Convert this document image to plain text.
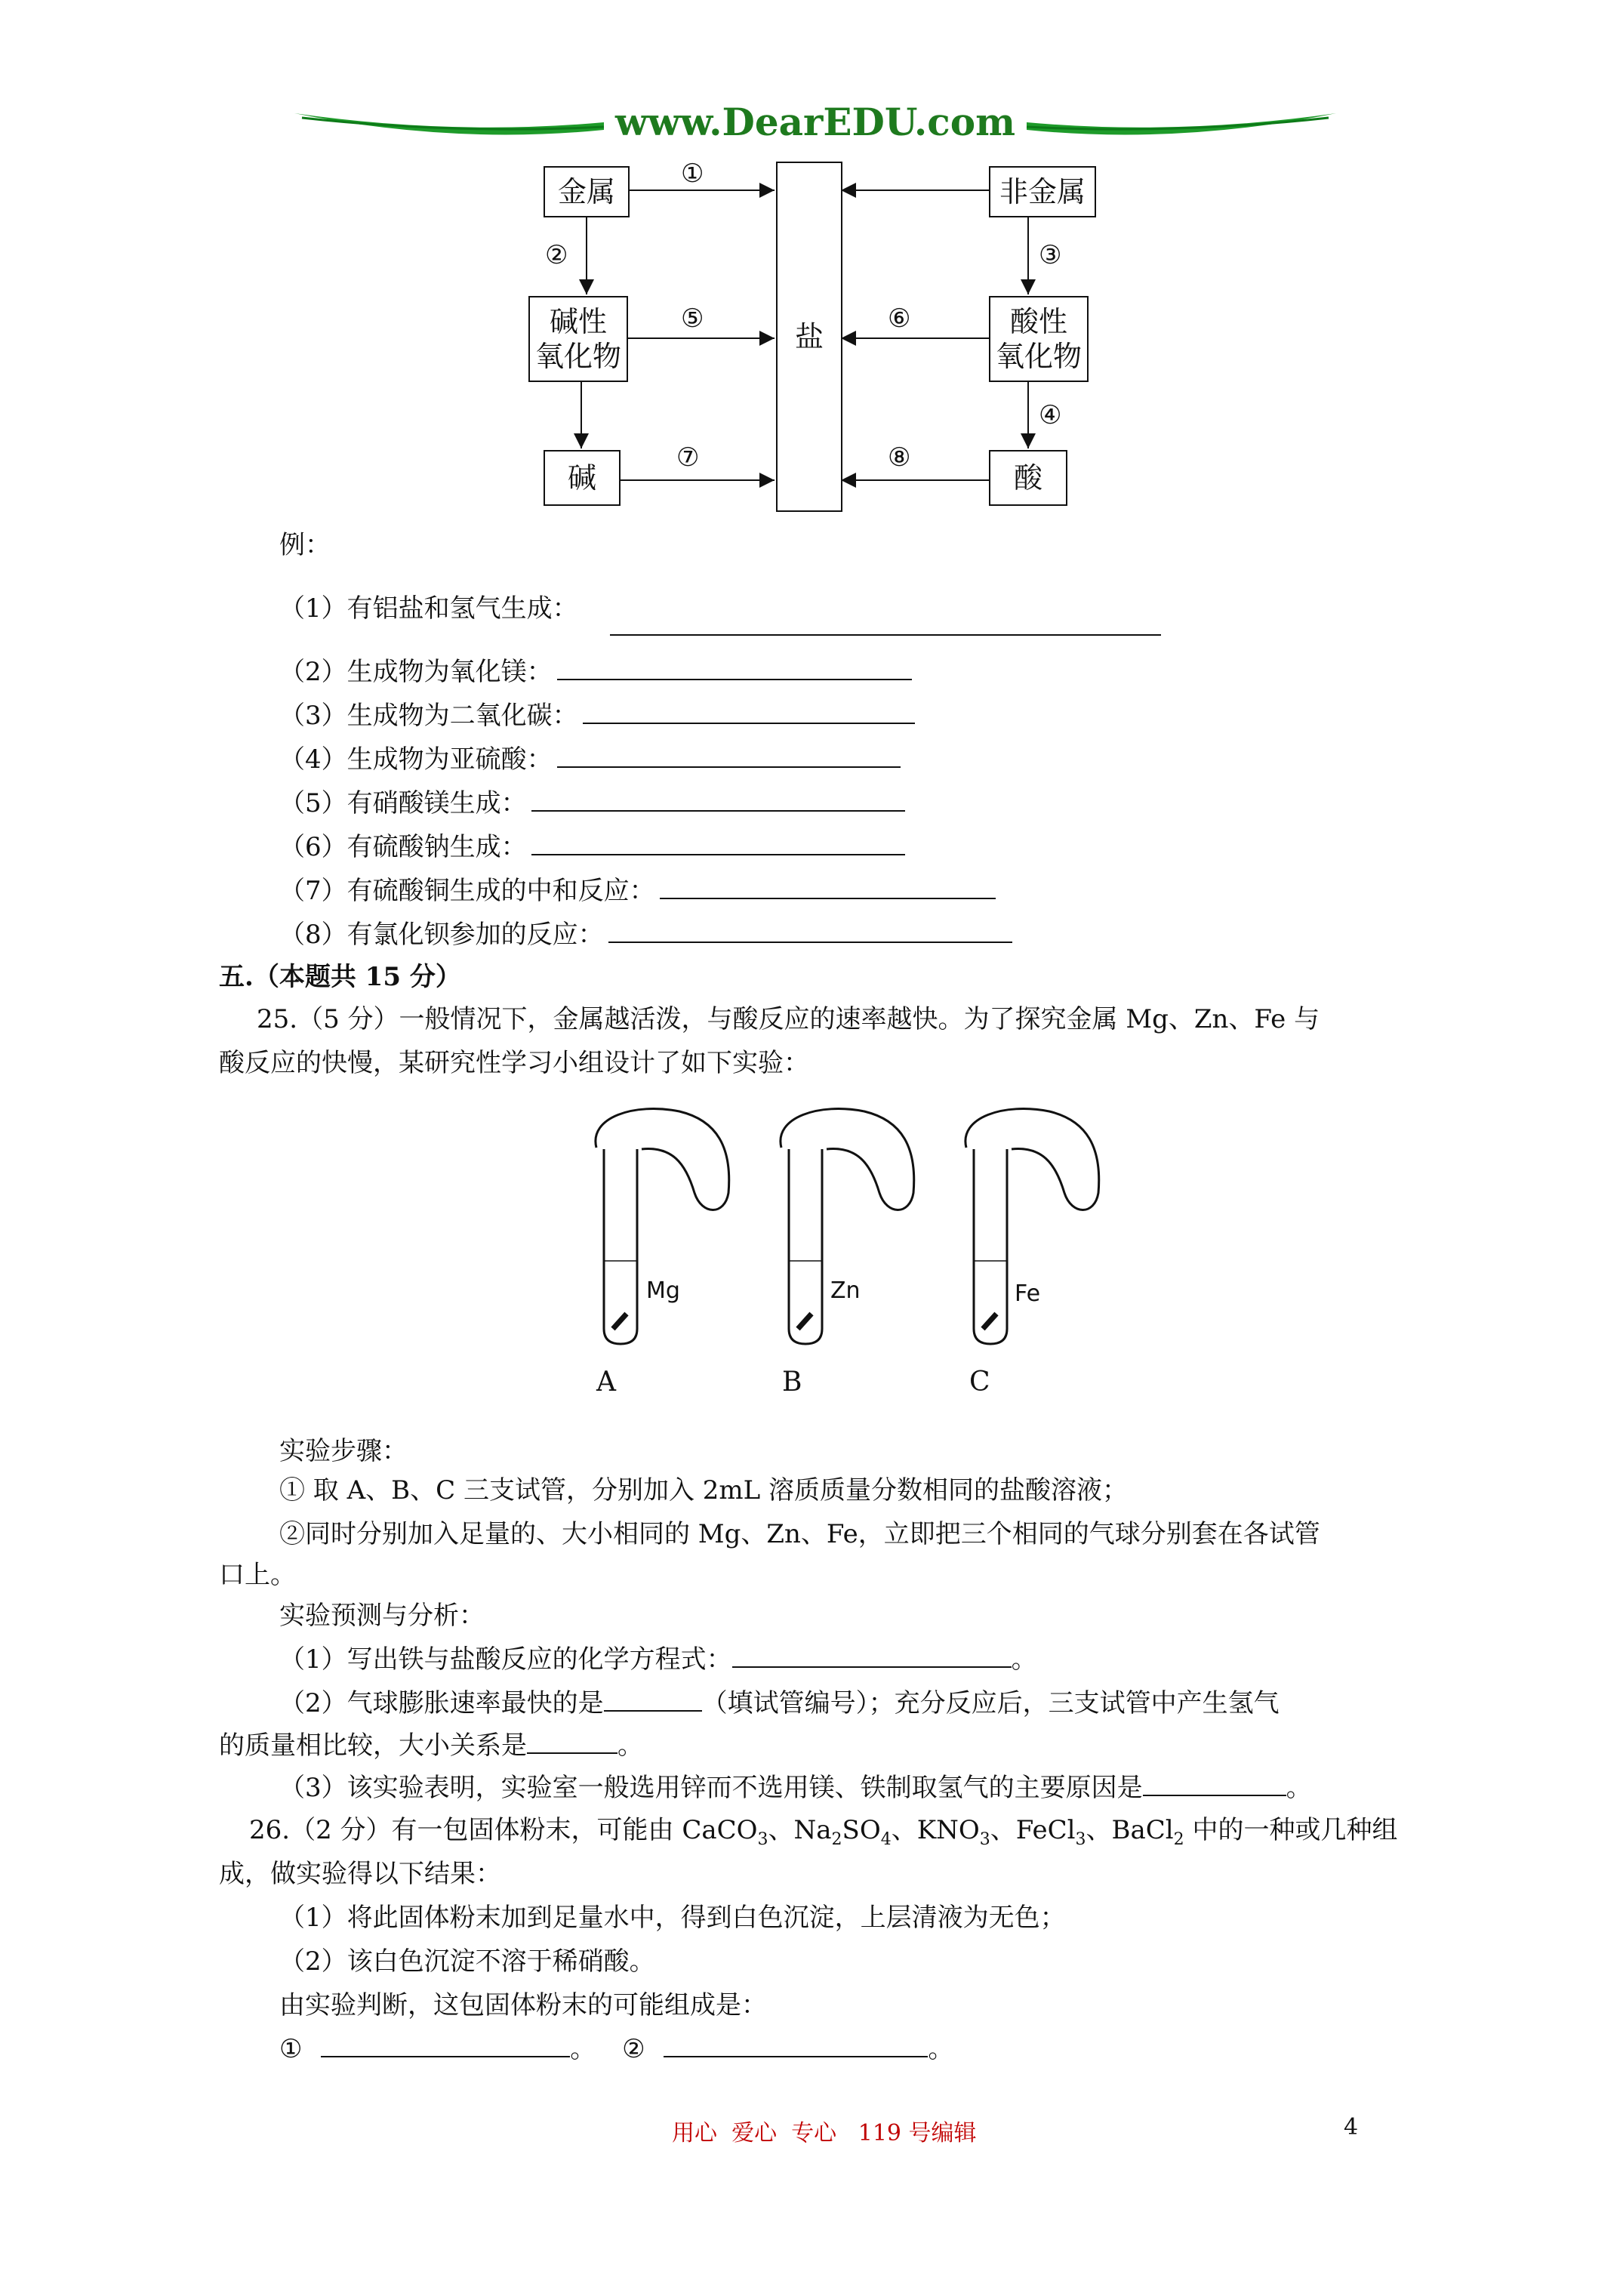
www.DearEDU.com
金属	非金属
碱性
氧化物
酸性
氧化物
碱	酸
盐
①
②	③
④
⑤	⑥
⑦	⑧
例：
（1）有铝盐和氢气生成：
（2）生成物为氧化镁：
（3）生成物为二氧化碳：
（4）生成物为亚硫酸：
（5）有硝酸镁生成：
（6）有硫酸钠生成：
（7）有硫酸铜生成的中和反应：
（8）有氯化钡参加的反应：
五.（本题共 15 分）
25.（5 分）一般情况下，金属越活泼，与酸反应的速率越快。为了探究金属 Mg、Zn、Fe 与
酸反应的快慢，某研究性学习小组设计了如下实验：
Mg	Zn	Fe
A	B	C
实验步骤：
① 取 A、B、C 三支试管，分别加入 2mL 溶质质量分数相同的盐酸溶液；
②同时分别加入足量的、大小相同的 Mg、Zn、Fe，立即把三个相同的气球分别套在各试管
口上。
实验预测与分析：
（1）写出铁与盐酸反应的化学方程式：	。
（2）气球膨胀速率最快的是	（填试管编号）；充分反应后，三支试管中产生氢气
的质量相比较，大小关系是	。
（3）该实验表明，实验室一般选用锌而不选用镁、铁制取氢气的主要原因是	。
26.（2 分）有一包固体粉末，可能由 CaCO$_3$、$Na_2SO_4$、$KNO_3$、FeCl$_3$、BaCl$_2$ 中的一种或几种组
成，做实验得以下结果：
（1）将此固体粉末加到足量水中，得到白色沉淀，上层清液为无色；
（2）该白色沉淀不溶于稀硝酸。
由实验判断，这包固体粉末的可能组成是：
①	。 ②	。
用心  爱心  专心   119 号编辑	4
